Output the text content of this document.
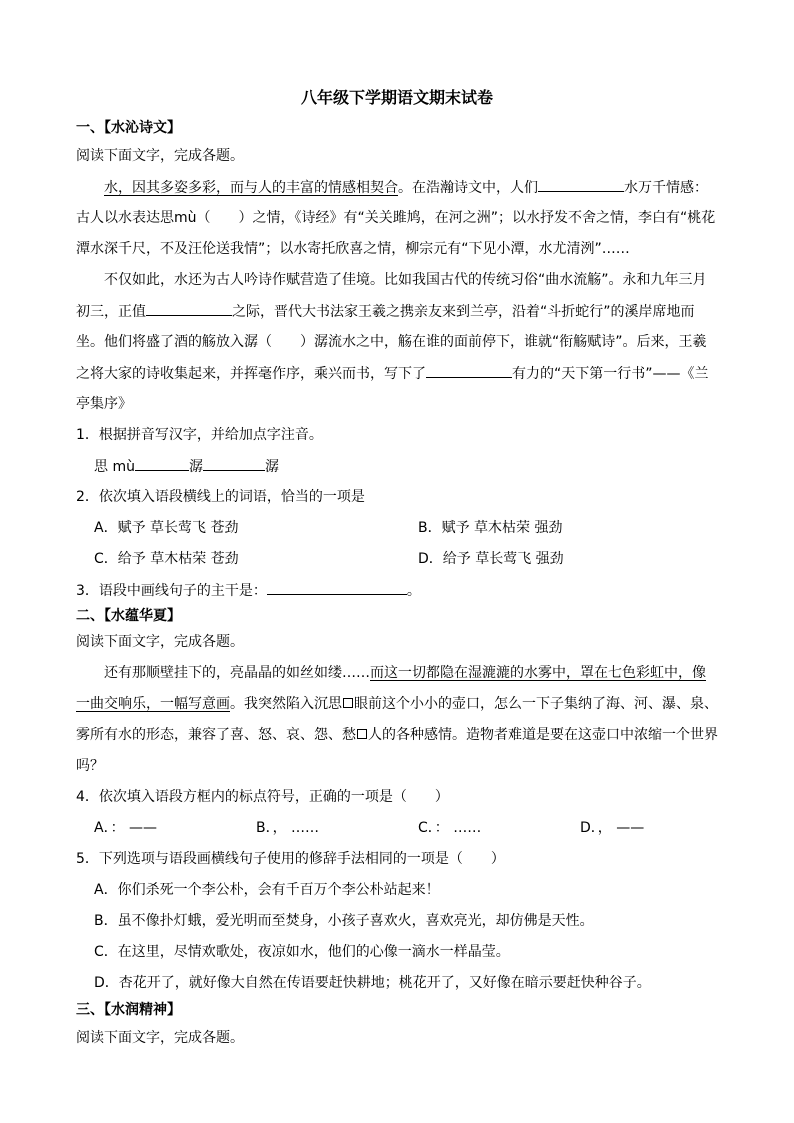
八年级下学期语文期末试卷
一、【水沁诗文】
阅读下面文字，完成各题。
水，因其多姿多彩，而与人的丰富的情感相契合。在浩瀚诗文中，人们	水万千情感：
古人以水表达思mù（　　）之情，《诗经》有“关关雎鸠，在河之洲”；以水抒发不舍之情，李白有“桃花
潭水深千尺，不及汪伦送我情”；以水寄托欣喜之情，柳宗元有“下见小潭，水尤清洌”……
不仅如此，水还为古人吟诗作赋营造了佳境。比如我国古代的传统习俗“曲水流觞”。永和九年三月
初三，正值	之际，晋代大书法家王羲之携亲友来到兰亭，沿着“斗折蛇行”的溪岸席地而
坐。他们将盛了酒的觞放入潺（　　）潺流水之中，觞在谁的面前停下，谁就“衔觞赋诗”。后来，王羲
之将大家的诗收集起来，并挥毫作序，乘兴而书，写下了	有力的“天下第一行书”——《兰
亭集序》
1．根据拼音写汉字，并给加点字注音。
思 mù	潺	潺
2．依次填入语段横线上的词语，恰当的一项是
A．赋予 草长莺飞 苍劲	B．赋予 草木枯荣 强劲
C．给予 草木枯荣 苍劲	D．给予 草长莺飞 强劲
3．语段中画线句子的主干是：	。
二、【水蕴华夏】
阅读下面文字，完成各题。
还有那顺壁挂下的，亮晶晶的如丝如缕……而这一切都隐在湿漉漉的水雾中，罩在七色彩虹中，像
一曲交响乐，一幅写意画。我突然陷入沉思 眼前这个小小的壶口，怎么一下子集纳了海、河、瀑、泉、
雾所有水的形态，兼容了喜、怒、哀、怨、愁 人的各种感情。造物者难道是要在这壶口中浓缩一个世界
吗？
4．依次填入语段方框内的标点符号，正确的一项是（　　）
A．： ——	B．， ……	C．： ……	D．， ——
5．下列选项与语段画横线句子使用的修辞手法相同的一项是（　　）
A．你们杀死一个李公朴，会有千百万个李公朴站起来！
B．虽不像扑灯蛾，爱光明而至焚身，小孩子喜欢火，喜欢亮光，却仿佛是天性。
C．在这里，尽情欢歌处，夜凉如水，他们的心像一滴水一样晶莹。
D．杏花开了，就好像大自然在传语要赶快耕地；桃花开了，又好像在暗示要赶快种谷子。
三、【水润精神】
阅读下面文字，完成各题。
